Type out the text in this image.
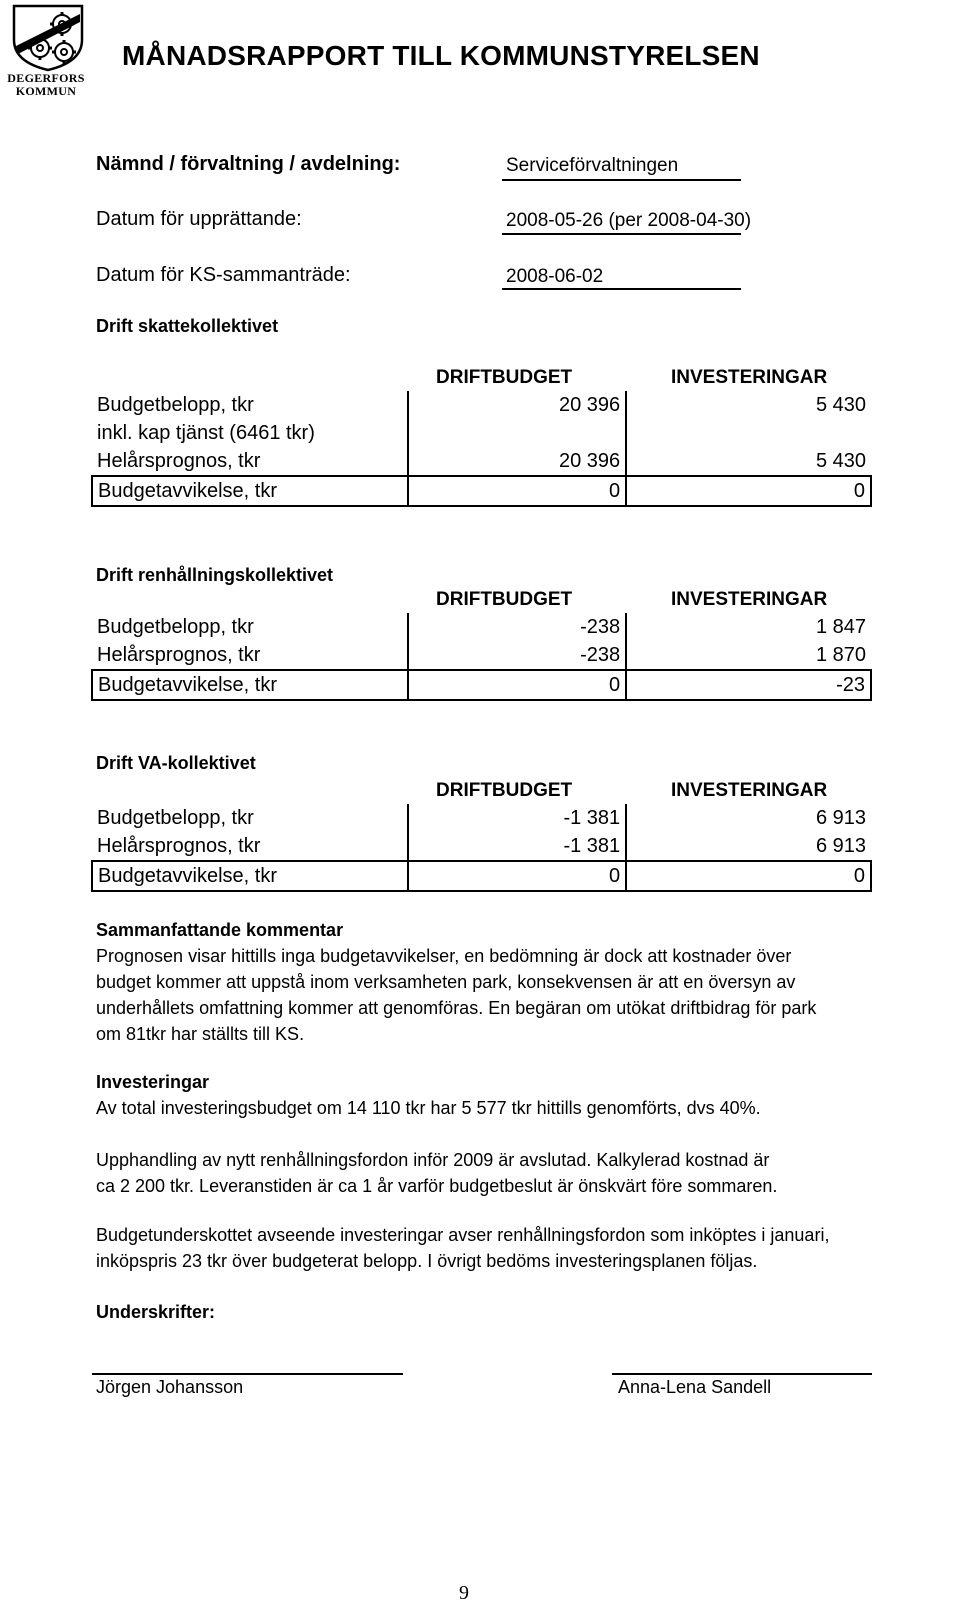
DEGERFORS
KOMMUN
MÅNADSRAPPORT TILL KOMMUNSTYRELSEN
Nämnd / förvaltning / avdelning:	Serviceförvaltningen
Datum för upprättande:	2008-05-26 (per 2008-04-30)
Datum för KS-sammanträde:	2008-06-02
Drift skattekollektivet
DRIFTBUDGET	INVESTERINGAR
Budgetbelopp, tkr	20 396	5 430
inkl. kap tjänst (6461 tkr)		
Helårsprognos, tkr	20 396	5 430
Budgetavvikelse, tkr	0	0
Drift renhållningskollektivet
DRIFTBUDGET	INVESTERINGAR
Budgetbelopp, tkr	-238	1 847
Helårsprognos, tkr	-238	1 870
Budgetavvikelse, tkr	0	-23
Drift VA-kollektivet
DRIFTBUDGET	INVESTERINGAR
Budgetbelopp, tkr	-1 381	6 913
Helårsprognos, tkr	-1 381	6 913
Budgetavvikelse, tkr	0	0
Sammanfattande kommentar

Prognosen visar hittills inga budgetavvikelser, en bedömning är dock att kostnader över

budget kommer att uppstå inom verksamheten park, konsekvensen är att en översyn av

underhållets omfattning kommer att genomföras. En begäran om utökat driftbidrag för park

om 81tkr har ställts till KS.

Investeringar

Av total investeringsbudget om 14 110 tkr har 5 577 tkr hittills genomförts, dvs 40%.

Upphandling av nytt renhållningsfordon inför 2009 är avslutad. Kalkylerad kostnad är

ca 2 200 tkr. Leveranstiden är ca 1 år varför budgetbeslut är önskvärt före sommaren.

Budgetunderskottet avseende investeringar avser renhållningsfordon som inköptes i januari,

inköpspris 23 tkr över budgeterat belopp. I övrigt bedöms investeringsplanen följas.

Underskrifter:
Jörgen Johansson	Anna-Lena Sandell
9
